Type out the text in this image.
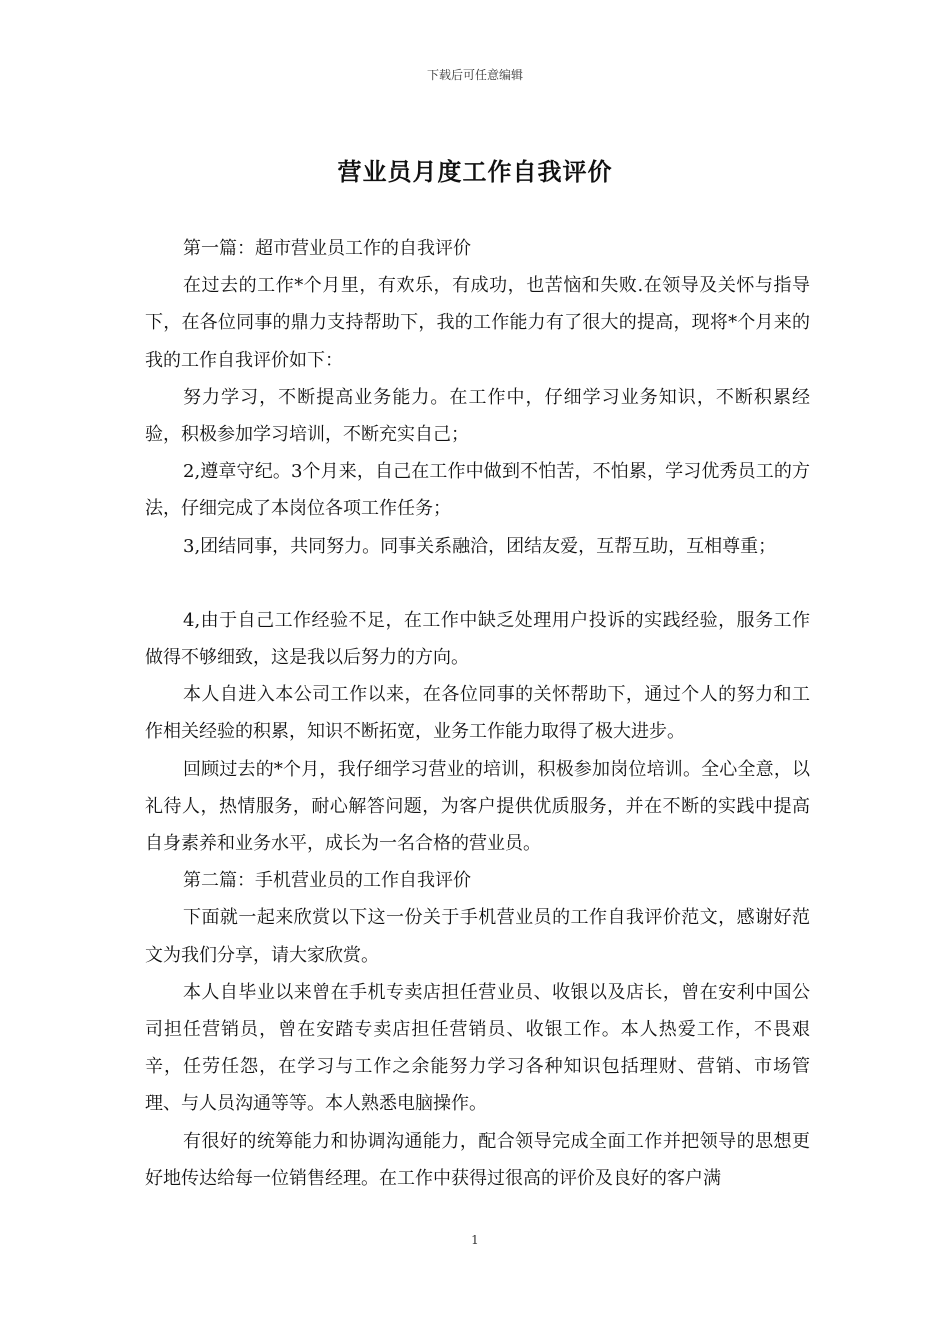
下载后可任意编辑
营业员月度工作自我评价

第一篇：超市营业员工作的自我评价

在过去的工作*个月里，有欢乐，有成功，也苦恼和失败.在领导及关怀与指导下，在各位同事的鼎力支持帮助下，我的工作能力有了很大的提高，现将*个月来的我的工作自我评价如下：

努力学习，不断提高业务能力。在工作中，仔细学习业务知识，不断积累经验，积极参加学习培训，不断充实自己；

2,遵章守纪。3个月来，自己在工作中做到不怕苦，不怕累，学习优秀员工的方法，仔细完成了本岗位各项工作任务；

3,团结同事，共同努力。同事关系融洽，团结友爱，互帮互助，互相尊重；

4,由于自己工作经验不足，在工作中缺乏处理用户投诉的实践经验，服务工作做得不够细致，这是我以后努力的方向。

本人自进入本公司工作以来，在各位同事的关怀帮助下，通过个人的努力和工作相关经验的积累，知识不断拓宽，业务工作能力取得了极大进步。

回顾过去的*个月，我仔细学习营业的培训，积极参加岗位培训。全心全意，以礼待人，热情服务，耐心解答问题，为客户提供优质服务，并在不断的实践中提高自身素养和业务水平，成长为一名合格的营业员。

第二篇：手机营业员的工作自我评价

下面就一起来欣赏以下这一份关于手机营业员的工作自我评价范文，感谢好范文为我们分享，请大家欣赏。

本人自毕业以来曾在手机专卖店担任营业员、收银以及店长，曾在安利中国公司担任营销员，曾在安踏专卖店担任营销员、收银工作。本人热爱工作，不畏艰辛，任劳任怨，在学习与工作之余能努力学习各种知识包括理财、营销、市场管理、与人员沟通等等。本人熟悉电脑操作。

有很好的统筹能力和协调沟通能力，配合领导完成全面工作并把领导的思想更好地传达给每一位销售经理。在工作中获得过很高的评价及良好的客户满

1
